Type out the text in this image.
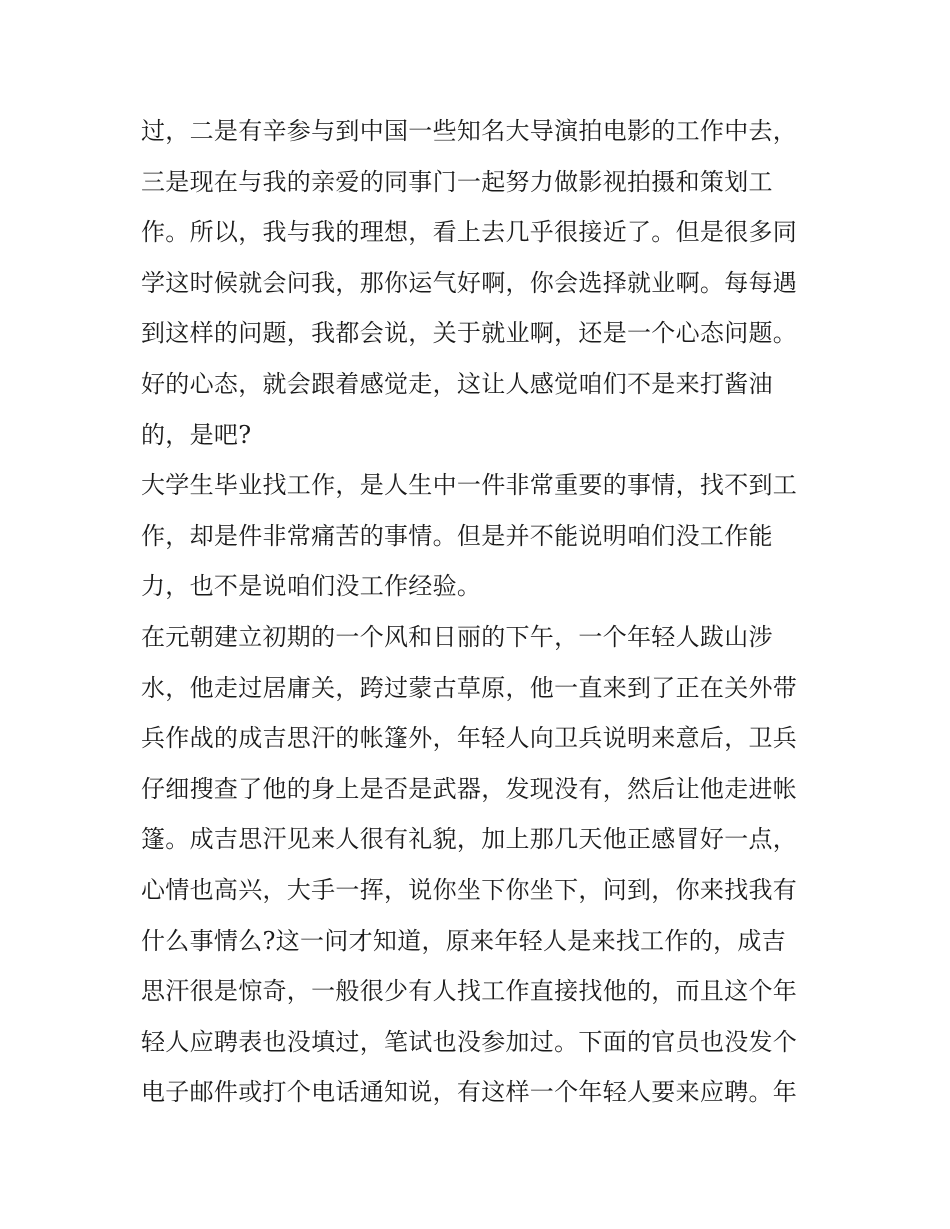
过，二是有辛参与到中国一些知名大导演拍电影的工作中去，

三是现在与我的亲爱的同事门一起努力做影视拍摄和策划工

作。所以，我与我的理想，看上去几乎很接近了。但是很多同

学这时候就会问我，那你运气好啊，你会选择就业啊。每每遇

到这样的问题，我都会说，关于就业啊，还是一个心态问题。

好的心态，就会跟着感觉走，这让人感觉咱们不是来打酱油

的，是吧?

大学生毕业找工作，是人生中一件非常重要的事情，找不到工

作，却是件非常痛苦的事情。但是并不能说明咱们没工作能

力，也不是说咱们没工作经验。

在元朝建立初期的一个风和日丽的下午，一个年轻人跋山涉

水，他走过居庸关，跨过蒙古草原，他一直来到了正在关外带

兵作战的成吉思汗的帐篷外，年轻人向卫兵说明来意后，卫兵

仔细搜查了他的身上是否是武器，发现没有，然后让他走进帐

篷。成吉思汗见来人很有礼貌，加上那几天他正感冒好一点，

心情也高兴，大手一挥，说你坐下你坐下，问到，你来找我有

什么事情么?这一问才知道，原来年轻人是来找工作的，成吉

思汗很是惊奇，一般很少有人找工作直接找他的，而且这个年

轻人应聘表也没填过，笔试也没参加过。下面的官员也没发个

电子邮件或打个电话通知说，有这样一个年轻人要来应聘。年
